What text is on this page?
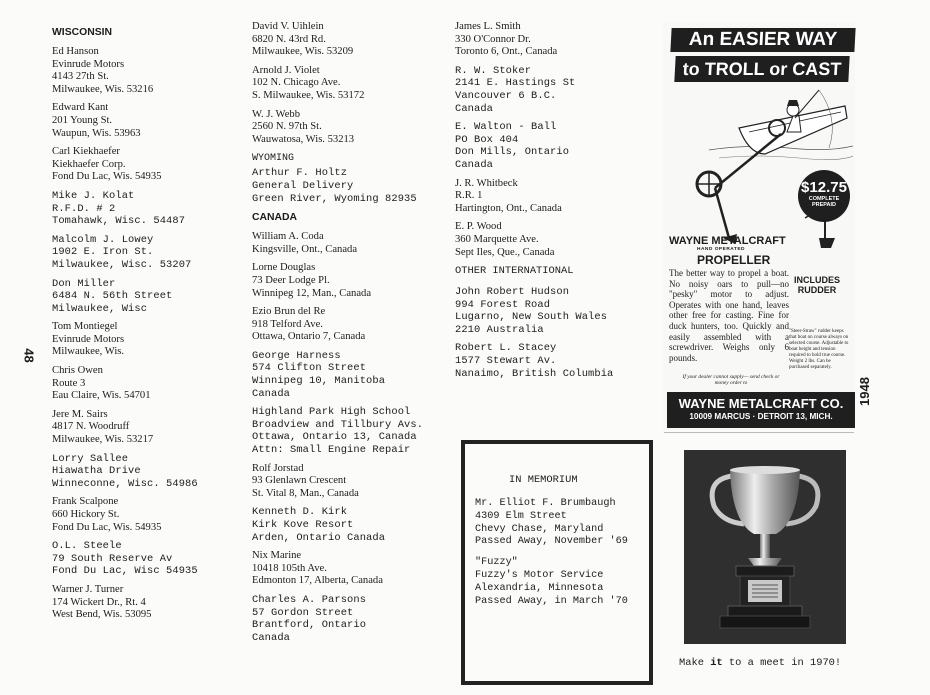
48
WISCONSIN
Ed Hanson
Evinrude Motors
4143 27th St.
Milwaukee, Wis. 53216
Edward Kant
201 Young St.
Waupun, Wis. 53963
Carl Kiekhaefer
Kiekhaefer Corp.
Fond Du Lac, Wis. 54935
Mike J. Kolat
R.F.D. # 2
Tomahawk, Wisc. 54487
Malcolm J. Lowey
1902 E. Iron St.
Milwaukee, Wisc. 53207
Don Miller
6484 N. 56th Street
Milwaukee, Wisc
Tom Montiegel
Evinrude Motors
Milwaukee, Wis.
Chris Owen
Route 3
Eau Claire, Wis. 54701
Jere M. Sairs
4817 N. Woodruff
Milwaukee, Wis. 53217
Lorry Sallee
Hiawatha Drive
Winneconne, Wisc. 54986
Frank Scalpone
660 Hickory St.
Fond Du Lac, Wis. 54935
O.L. Steele
79 South Reserve Av
Fond Du Lac, Wisc 54935
Warner J. Turner
174 Wickert Dr., Rt. 4
West Bend, Wis. 53095
David V. Uihlein
6820 N. 43rd Rd.
Milwaukee, Wis. 53209
Arnold J. Violet
102 N. Chicago Ave.
S. Milwaukee, Wis. 53172
W. J. Webb
2560 N. 97th St.
Wauwatosa, Wis. 53213
WYOMING
Arthur F. Holtz
General Delivery
Green River, Wyoming 82935
CANADA
William A. Coda
Kingsville, Ont., Canada
Lorne Douglas
73 Deer Lodge Pl.
Winnipeg 12, Man., Canada
Ezio Brun del Re
918 Telford Ave.
Ottawa, Ontario 7, Canada
George Harness
574 Clifton Street
Winnipeg 10, Manitoba
Canada
Highland Park High School
Broadview and Tillbury Avs.
Ottawa, Ontario 13, Canada
Attn: Small Engine Repair
Rolf Jorstad
93 Glenlawn Crescent
St. Vital 8, Man., Canada
Kenneth D. Kirk
Kirk Kove Resort
Arden, Ontario Canada
Nix Marine
10418 105th Ave.
Edmonton 17, Alberta, Canada
Charles A. Parsons
57 Gordon Street
Brantford, Ontario
Canada
James L. Smith
330 O'Connor Dr.
Toronto 6, Ont., Canada
R. W. Stoker
2141 E. Hastings St
Vancouver 6 B.C.
Canada
E. Walton - Ball
PO Box 404
Don Mills, Ontario
Canada
J. R. Whitbeck
R.R. 1
Hartington, Ont., Canada
E. P. Wood
360 Marquette Ave.
Sept Iles, Que., Canada
OTHER INTERNATIONAL
John Robert Hudson
994 Forest Road
Lugarno, New South Wales
2210 Australia
Robert L. Stacey
1577 Stewart Av.
Nanaimo, British Columbia
IN MEMORIUM
Mr. Elliot F. Brumbaugh
4309 Elm Street
Chevy Chase, Maryland
Passed Away, November '69
"Fuzzy"
Fuzzy's Motor Service
Alexandria, Minnesota
Passed Away, in March '70
An EASIER WAY
to TROLL or CAST
$12.75
COMPLETE
PREPAID
WAYNE METALCRAFT
HAND OPERATED
PROPELLER
The better way to propel a boat. No noisy oars to pull—no "pesky" motor to adjust. Operates with one hand, leaves other free for casting. Fine for duck hunters, too. Quickly and easily assembled with a screwdriver. Weighs only 6 pounds.
INCLUDES
RUDDER
"Steer-Straw" rudder keeps that boat on course always on selected course. Adjustable to boat height and tension required to hold true course. Weight 2 lbs. Can be purchased separately.
If your dealer cannot supply— send check or money order to
WAYNE METALCRAFT CO.
10009 MARCUS · DETROIT 13, MICH.
1948
Make it to a meet in 1970!
